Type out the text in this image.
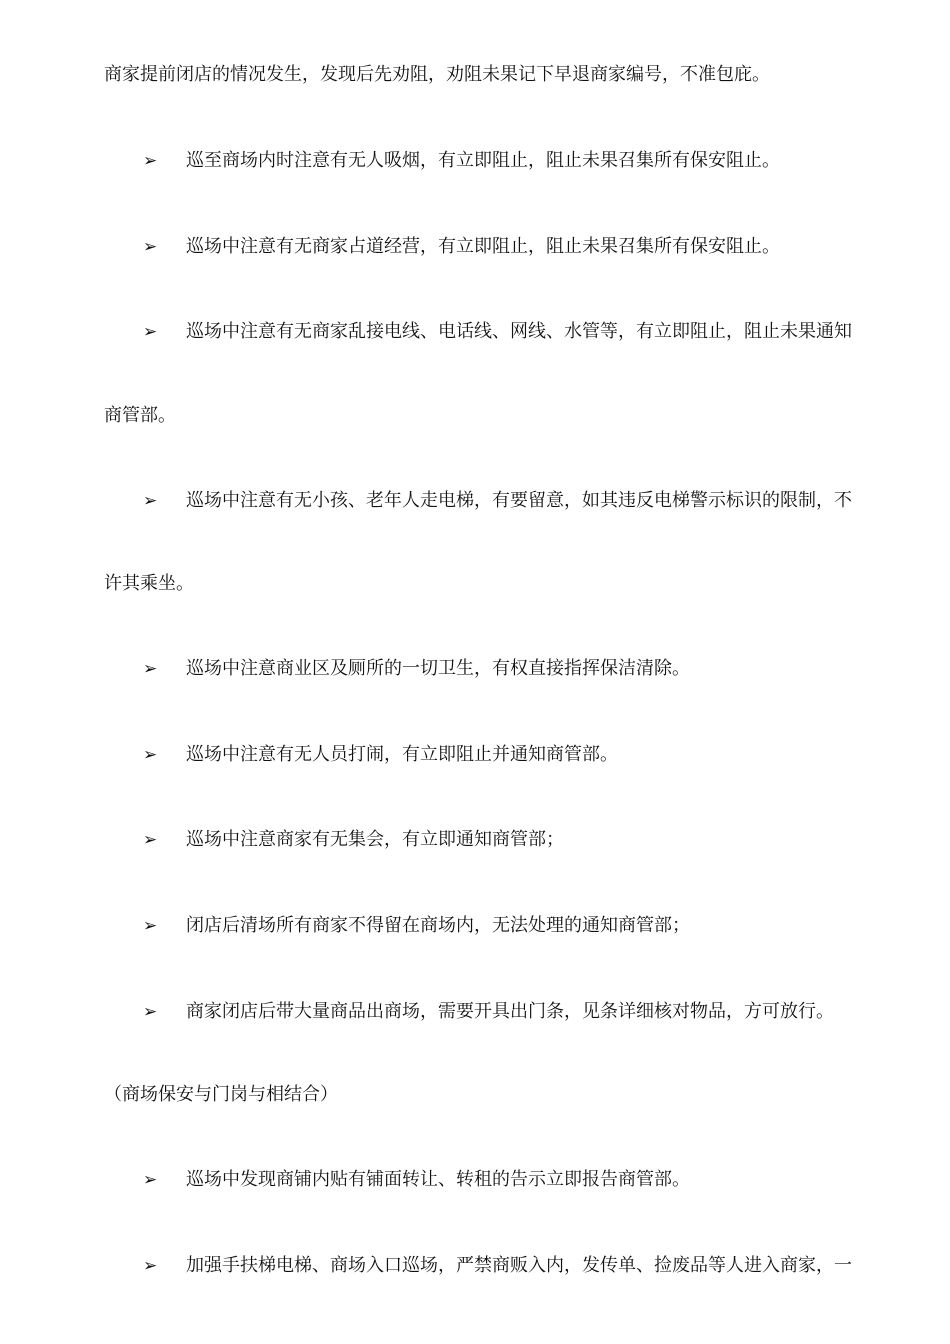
商家提前闭店的情况发生，发现后先劝阻，劝阻未果记下早退商家编号，不准包庇。
➢ 巡至商场内时注意有无人吸烟，有立即阻止，阻止未果召集所有保安阻止。
➢ 巡场中注意有无商家占道经营，有立即阻止，阻止未果召集所有保安阻止。
➢ 巡场中注意有无商家乱接电线、电话线、网线、水管等，有立即阻止，阻止未果通知
商管部。
➢ 巡场中注意有无小孩、老年人走电梯，有要留意，如其违反电梯警示标识的限制，不
许其乘坐。
➢ 巡场中注意商业区及厕所的一切卫生，有权直接指挥保洁清除。
➢ 巡场中注意有无人员打闹，有立即阻止并通知商管部。
➢ 巡场中注意商家有无集会，有立即通知商管部；
➢ 闭店后清场所有商家不得留在商场内，无法处理的通知商管部；
➢ 商家闭店后带大量商品出商场，需要开具出门条，见条详细核对物品，方可放行。
（商场保安与门岗与相结合）
➢ 巡场中发现商铺内贴有铺面转让、转租的告示立即报告商管部。
➢ 加强手扶梯电梯、商场入口巡场，严禁商贩入内，发传单、捡废品等人进入商家，一
